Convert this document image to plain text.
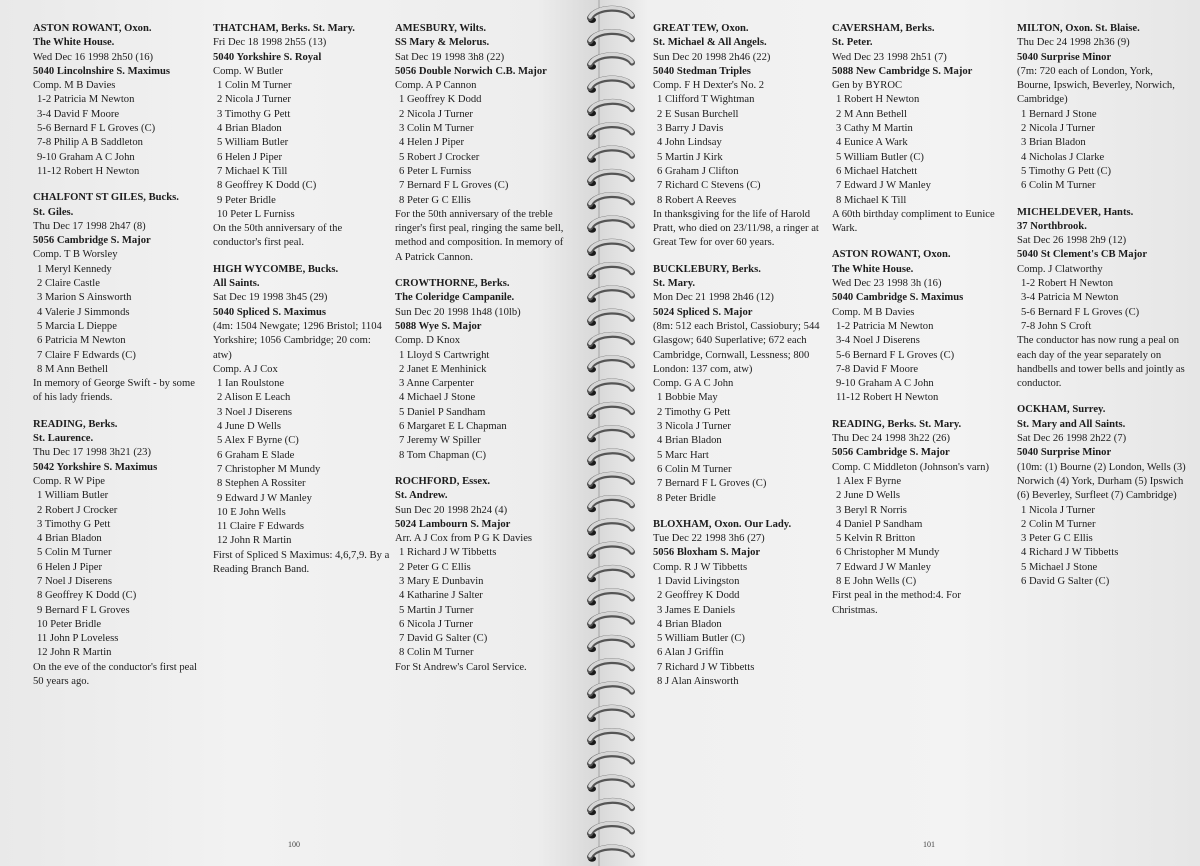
ASTON ROWANT, Oxon.
The White House.
Wed Dec 16 1998 2h50 (16)
5040 Lincolnshire S. Maximus
Comp. M B Davies
1-2 Patricia M Newton
3-4 David F Moore
5-6 Bernard F L Groves (C)
7-8 Philip A B Saddleton
9-10 Graham A C John
11-12 Robert H Newton
CHALFONT ST GILES, Bucks.
St. Giles.
Thu Dec 17 1998 2h47 (8)
5056 Cambridge S. Major
Comp. T B Worsley
1 Meryl Kennedy
2 Claire Castle
3 Marion S Ainsworth
4 Valerie J Simmonds
5 Marcia L Dieppe
6 Patricia M Newton
7 Claire F Edwards (C)
8 M Ann Bethell
In memory of George Swift - by some of his lady friends.
READING, Berks.
St. Laurence.
Thu Dec 17 1998 3h21 (23)
5042 Yorkshire S. Maximus
Comp. R W Pipe
1 William Butler
2 Robert J Crocker
3 Timothy G Pett
4 Brian Bladon
5 Colin M Turner
6 Helen J Piper
7 Noel J Diserens
8 Geoffrey K Dodd (C)
9 Bernard F L Groves
10 Peter Bridle
11 John P Loveless
12 John R Martin
On the eve of the conductor's first peal 50 years ago.
THATCHAM, Berks. St. Mary.
Fri Dec 18 1998 2h55 (13)
5040 Yorkshire S. Royal
Comp. W Butler
1 Colin M Turner
2 Nicola J Turner
3 Timothy G Pett
4 Brian Bladon
5 William Butler
6 Helen J Piper
7 Michael K Till
8 Geoffrey K Dodd (C)
9 Peter Bridle
10 Peter L Furniss
On the 50th anniversary of the conductor's first peal.
HIGH WYCOMBE, Bucks.
All Saints.
Sat Dec 19 1998 3h45 (29)
5040 Spliced S. Maximus
(4m: 1504 Newgate; 1296 Bristol; 1104 Yorkshire; 1056 Cambridge; 20 com: atw)
Comp. A J Cox
1 Ian Roulstone
2 Alison E Leach
3 Noel J Diserens
4 June D Wells
5 Alex F Byrne (C)
6 Graham E Slade
7 Christopher M Mundy
8 Stephen A Rossiter
9 Edward J W Manley
10 E John Wells
11 Claire F Edwards
12 John R Martin
First of Spliced S Maximus: 4,6,7,9. By a Reading Branch Band.
AMESBURY, Wilts.
SS Mary & Melorus.
Sat Dec 19 1998 3h8 (22)
5056 Double Norwich C.B. Major
Comp. A P Cannon
1 Geoffrey K Dodd
2 Nicola J Turner
3 Colin M Turner
4 Helen J Piper
5 Robert J Crocker
6 Peter L Furniss
7 Bernard F L Groves (C)
8 Peter G C Ellis
For the 50th anniversary of the treble ringer's first peal, ringing the same bell, method and composition. In memory of A Patrick Cannon.
CROWTHORNE, Berks.
The Coleridge Campanile.
Sun Dec 20 1998 1h48 (10lb)
5088 Wye S. Major
Comp. D Knox
1 Lloyd S Cartwright
2 Janet E Menhinick
3 Anne Carpenter
4 Michael J Stone
5 Daniel P Sandham
6 Margaret E L Chapman
7 Jeremy W Spiller
8 Tom Chapman (C)
ROCHFORD, Essex.
St. Andrew.
Sun Dec 20 1998 2h24 (4)
5024 Lambourn S. Major
Arr. A J Cox from P G K Davies
1 Richard J W Tibbetts
2 Peter G C Ellis
3 Mary E Dunbavin
4 Katharine J Salter
5 Martin J Turner
6 Nicola J Turner
7 David G Salter (C)
8 Colin M Turner
For St Andrew's Carol Service.
100
GREAT TEW, Oxon.
St. Michael & All Angels.
Sun Dec 20 1998 2h46 (22)
5040 Stedman Triples
Comp. F H Dexter's No. 2
1 Clifford T Wightman
2 E Susan Burchell
3 Barry J Davis
4 John Lindsay
5 Martin J Kirk
6 Graham J Clifton
7 Richard C Stevens (C)
8 Robert A Reeves
In thanksgiving for the life of Harold Pratt, who died on 23/11/98, a ringer at Great Tew for over 60 years.
BUCKLEBURY, Berks.
St. Mary.
Mon Dec 21 1998 2h46 (12)
5024 Spliced S. Major
(8m: 512 each Bristol, Cassiobury; 544 Glasgow; 640 Superlative; 672 each Cambridge, Cornwall, Lessness; 800 London: 137 com, atw)
Comp. G A C John
1 Bobbie May
2 Timothy G Pett
3 Nicola J Turner
4 Brian Bladon
5 Marc Hart
6 Colin M Turner
7 Bernard F L Groves (C)
8 Peter Bridle
BLOXHAM, Oxon. Our Lady.
Tue Dec 22 1998 3h6 (27)
5056 Bloxham S. Major
Comp. R J W Tibbetts
1 David Livingston
2 Geoffrey K Dodd
3 James E Daniels
4 Brian Bladon
5 William Butler (C)
6 Alan J Griffin
7 Richard J W Tibbetts
8 J Alan Ainsworth
CAVERSHAM, Berks.
St. Peter.
Wed Dec 23 1998 2h51 (7)
5088 New Cambridge S. Major
Gen by BYROC
1 Robert H Newton
2 M Ann Bethell
3 Cathy M Martin
4 Eunice A Wark
5 William Butler (C)
6 Michael Hatchett
7 Edward J W Manley
8 Michael K Till
A 60th birthday compliment to Eunice Wark.
ASTON ROWANT, Oxon.
The White House.
Wed Dec 23 1998 3h (16)
5040 Cambridge S. Maximus
Comp. M B Davies
1-2 Patricia M Newton
3-4 Noel J Diserens
5-6 Bernard F L Groves (C)
7-8 David F Moore
9-10 Graham A C John
11-12 Robert H Newton
READING, Berks. St. Mary.
Thu Dec 24 1998 3h22 (26)
5056 Cambridge S. Major
Comp. C Middleton (Johnson's varn)
1 Alex F Byrne
2 June D Wells
3 Beryl R Norris
4 Daniel P Sandham
5 Kelvin R Britton
6 Christopher M Mundy
7 Edward J W Manley
8 E John Wells (C)
First peal in the method:4. For Christmas.
MILTON, Oxon. St. Blaise.
Thu Dec 24 1998 2h36 (9)
5040 Surprise Minor
(7m: 720 each of London, York, Bourne, Ipswich, Beverley, Norwich, Cambridge)
1 Bernard J Stone
2 Nicola J Turner
3 Brian Bladon
4 Nicholas J Clarke
5 Timothy G Pett (C)
6 Colin M Turner
MICHELDEVER, Hants.
37 Northbrook.
Sat Dec 26 1998 2h9 (12)
5040 St Clement's CB Major
Comp. J Clatworthy
1-2 Robert H Newton
3-4 Patricia M Newton
5-6 Bernard F L Groves (C)
7-8 John S Croft
The conductor has now rung a peal on each day of the year separately on handbells and tower bells and jointly as conductor.
OCKHAM, Surrey.
St. Mary and All Saints.
Sat Dec 26 1998 2h22 (7)
5040 Surprise Minor
(10m: (1) Bourne (2) London, Wells (3) Norwich (4) York, Durham (5) Ipswich (6) Beverley, Surfleet (7) Cambridge)
1 Nicola J Turner
2 Colin M Turner
3 Peter G C Ellis
4 Richard J W Tibbetts
5 Michael J Stone
6 David G Salter (C)
101
